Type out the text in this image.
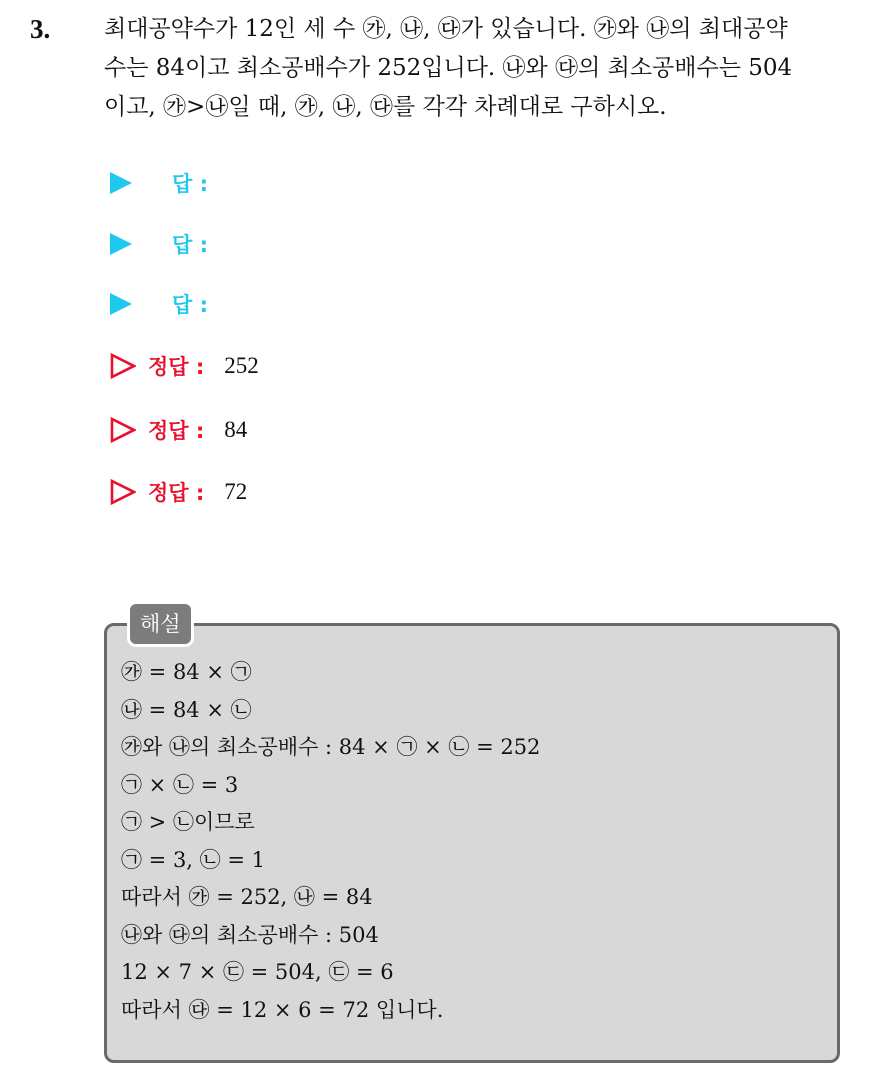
3. 최대공약수가 12인 세 수 ㉮, ㉯, ㉰가 있습니다. ㉮와 ㉯의 최대공약
수는 84이고 최소공배수가 252입니다. ㉯와 ㉰의 최소공배수는 504
이고, ㉮>㉯일 때, ㉮, ㉯, ㉰를 각각 차례대로 구하시오.
답 :
답 :
답 :
정답 : 252
정답 : 84
정답 : 72
해설
㉮ = 84 × ㉠
㉯ = 84 × ㉡
㉮와 ㉯의 최소공배수 : 84 × ㉠ × ㉡ = 252
㉠ × ㉡ = 3
㉠ > ㉡이므로
㉠ = 3, ㉡ = 1
따라서 ㉮ = 252, ㉯ = 84
㉯와 ㉰의 최소공배수 : 504
12 × 7 × ㉢ = 504, ㉢ = 6
따라서 ㉰ = 12 × 6 = 72 입니다.
